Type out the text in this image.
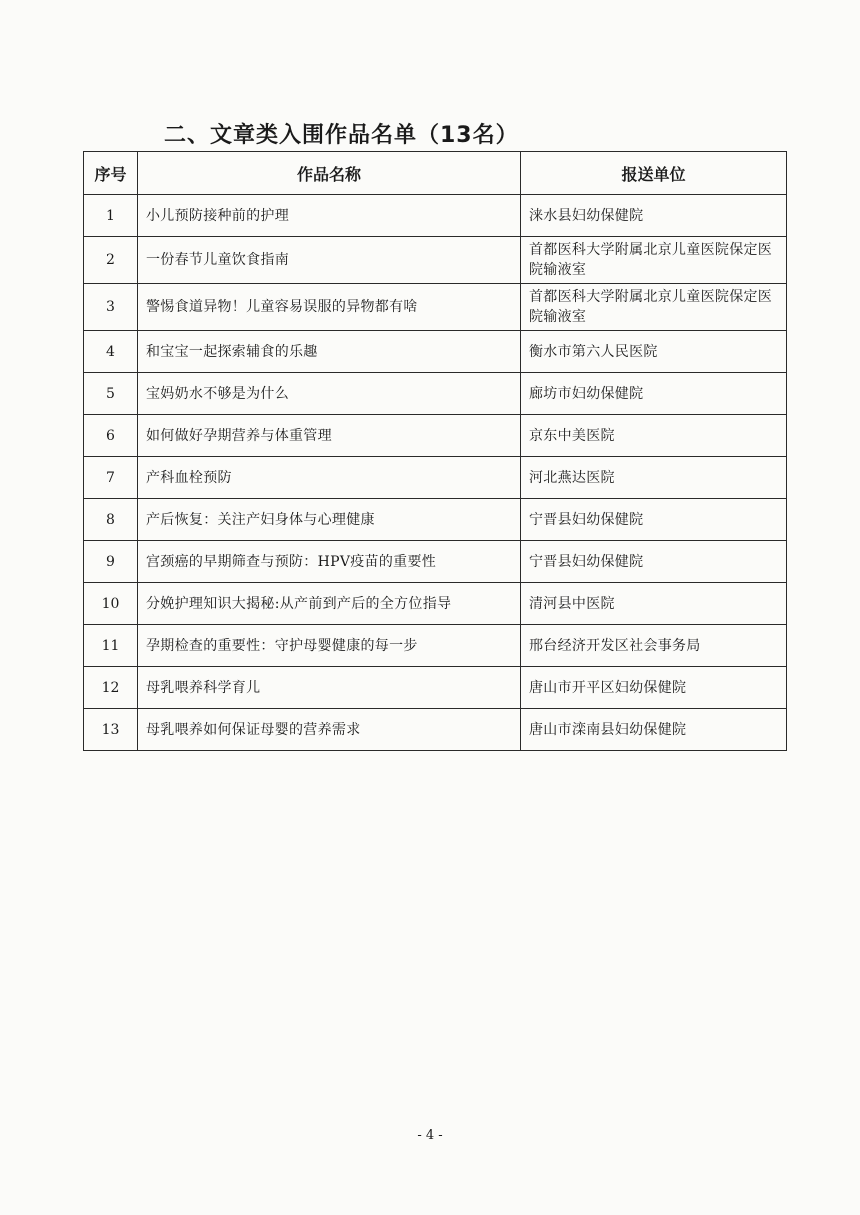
二、文章类入围作品名单（13名）
序号	作品名称	报送单位
1	小儿预防接种前的护理	涞水县妇幼保健院
2	一份春节儿童饮食指南	首都医科大学附属北京儿童医院保定医院输液室
3	警惕食道异物！儿童容易误服的异物都有啥	首都医科大学附属北京儿童医院保定医院输液室
4	和宝宝一起探索辅食的乐趣	衡水市第六人民医院
5	宝妈奶水不够是为什么	廊坊市妇幼保健院
6	如何做好孕期营养与体重管理	京东中美医院
7	产科血栓预防	河北燕达医院
8	产后恢复：关注产妇身体与心理健康	宁晋县妇幼保健院
9	宫颈癌的早期筛查与预防：HPV疫苗的重要性	宁晋县妇幼保健院
10	分娩护理知识大揭秘:从产前到产后的全方位指导	清河县中医院
11	孕期检查的重要性：守护母婴健康的每一步	邢台经济开发区社会事务局
12	母乳喂养科学育儿	唐山市开平区妇幼保健院
13	母乳喂养如何保证母婴的营养需求	唐山市滦南县妇幼保健院
- 4 -
